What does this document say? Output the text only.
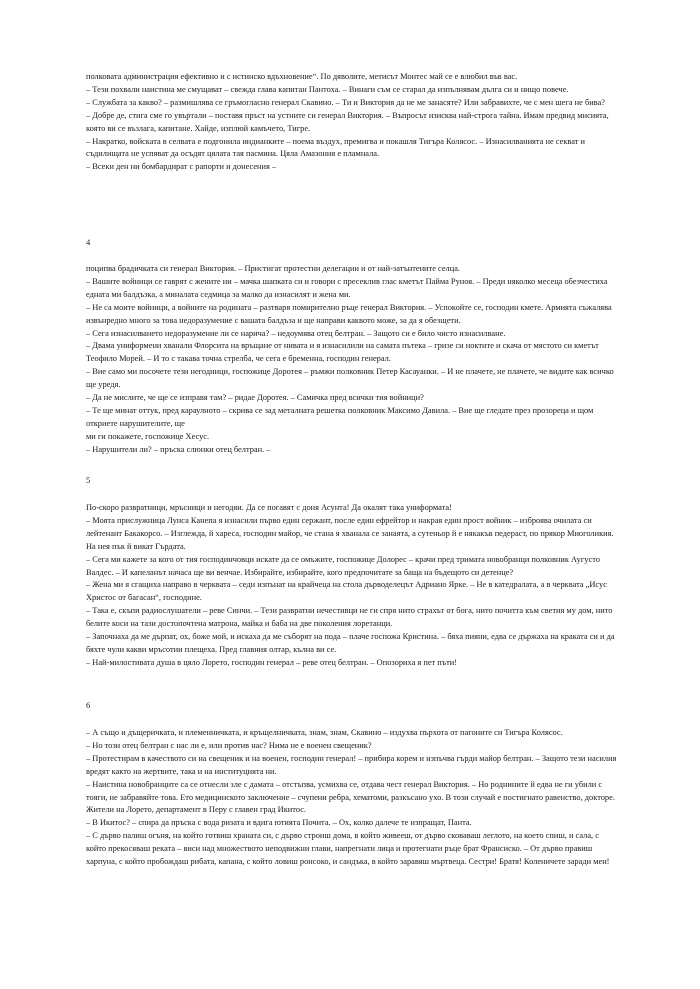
полковата администрация ефективно и с истинско вдъхновение“. По дяволите, метисът Монтес май се е влюбил във вас.

– Тези похвали наистина ме смущават – свежда глава капитан Пантоха. – Винаги съм се старал да изпълнявам дълга си и нищо повече.

– Службата за какво? – размишлява се гръмогласно генерал Скавино. – Ти и Виктория да не ме занасяте? Или забравихте, че с мен шега не бива?

– Добре де, стига сме го увъртали – поставя пръст на устните си генерал Виктория. – Въпросът изисква най-строга тайна. Имам предвид мисията, която ви се възлага, капитане. Хайде, изплюй камъчето, Тигре.

– Накратко, войската в селвата е подгонила индианките – поема въздух, премигва и покашля Тигъра Колясос. – Изнасилванията не секват и съдилищата не успяват да осъдят цялата тая пасмина. Цяла Амазония е пламнала.

– Всеки ден ни бомбардират с рапорти и донесения –

4

поципва брадичката си генерал Виктория. – Пристигат протестни делегации и от най-затънтените селца.

– Вашите войници се гаврят с жените ни – мачка шапката си и говори с пресеклив глас кметът Пайма Руноя. – Преди няколко месеца обезчестиха едната ми балдъзка, а миналата седмица за малко да изнасилят и жена ми.

– Не са моите войници, а войните на родината – разтваря помирително ръце генерал Виктория. – Успокойте се, господин кмете. Армията съжалява извънредно много за това недоразумение с вашата балдъза и ще направи каквото може, за да я обезщети.

– Сега изнасилването недоразумение ли се нарича? – недоумява отец белтран. – Защото си е било чисто изнасилване.

– Двама униформени хванали Флорсита на връщане от нивата и я изнасилили на самата пътека – гризе си ноктите и скача от мястото си кметът Теофило Морей. – И то с такава точна стрелба, че сега е бременна, господин генерал.

– Вие само ми посочете тези негодници, госпожице Доротея – ръмжи полковник Петер Касауанки. – И не плачете, не плачете, че видите как всичко ще уредя.

– Да не мислите, че ще се изправя там? – ридае Доротея. – Самичка пред всички тия войници?

– Те ще минат оттук, пред караулното – скрива се зад металната решетка полковник Максимо Давила. – Вие ще гледате през прозореца и щом откриете нарушителите, ще

ми ги покажете, госпожице Хесус.

– Нарушители ли? – пръска слюнки отец белтран. –

5

По-скоро развратници, мръсници и негодяи. Да се погавят с доня Асунта! Да окалят така униформата!

– Моята прислужница Лунса Канепа я изнасили първо един сержант, после един ефрейтор и накрая един прост войник – изброява очилата си лейтенант Бакакорсо. – Изглежда, й хареса, господин майор, че стана я хванала се занаята, а сутеньор й е някакъв педераст, по прякор Миоголикия. На нея пък й викат Гърдата.

– Сега ми кажете за кого от тия господинчовци искате да се омъжите, госпожице Долорес – крачи пред тримата новобранци полковник Аугусто Валдес. – И капеланът начаса ще ви венчае. Избирайте, избирайте, кого предпочитате за баща на бъдещото си детенце?

– Жена ми я сгащиха направо в черквата – седи изпънат на крайчеца на стола дърводелецът Адриано Ярке. – Не в катедралата, а в черквата „Исус Христос от багасан“, господине.

– Така е, скъпи радиослушатели – реве Синчи. – Тези развратни нечестивци не ги спря нито страхът от бога, нито почитта към светия му дом, нито белите коси на тази достопочтена матрона, майка и баба на две поколения лоретанци.

– Започнаха да ме дърпат, ох, боже мой, и искаха да ме съборят на пода – плаче госпожа Кристина. – бяха пияни, едва се държаха на краката си и да бяхте чули какви мръсотии плещеха. Пред главния олтар, кълна ви се.

– Най-милостивата душа в цяло Лорето, господин генерал – реве отец белтран. – Опозориха я пет пъти!

6

– А също и дъщеричката, и племенничката, и кръщелничката, знам, знам, Скавино – издухва пърхота от пагоните си Тигъра Колясос.

– Но този отец белтран с нас ли е, или против нас? Нима не е военен свещеник?

– Протестирам в качеството си на свещеник и на военен, господин генерал! – прибира корем и изпъчва гърди майор белтран. – Защото тези насилия вредят както на жертвите, така и на институцията ни.

– Наистина новобранците са се отнесли зле с дамата – отстъпва, усмихва се, отдава чест генерал Виктория. – Но роднините й едва не ги убили с тояги, не забравяйте това. Ето медицинското заключение – счупени ребра, хематоми, разкъсано ухо. В този случай е постигнато равенство, докторе.

Жители на Лорето, департамент в Перу с главен град Икитос.

– В Икитос? – спира да пръска с вода ризата и вдига ютията Почита. – Ох, колко далече те изпращат, Панта.

– С дърво палиш огъня, на който готвиш храната си, с дърво строиш дома, в който живееш, от дърво сковаваш леглото, на което спиш, и сала, с който прекосяваш реката – виси над множеството неподвижни глави, напрегнати лица и протегнати ръце брат Франсиско. – От дърво правиш харпуна, с който пробождаш рибата, капана, с който ловиш ронсоко, и сандъка, в който заравяш мъртвеца. Сестри! Братя! Коленичете заради мен!
